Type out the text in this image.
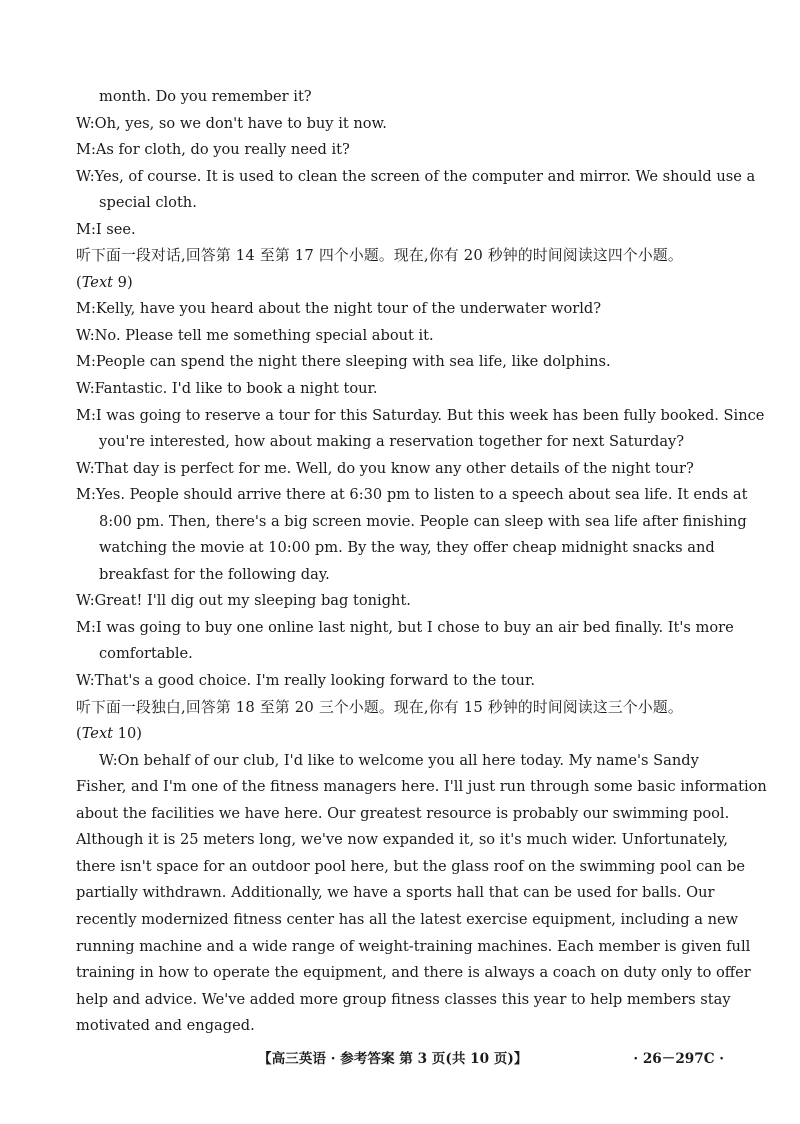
month. Do you remember it?
W:Oh, yes, so we don't have to buy it now.
M:As for cloth, do you really need it?
W:Yes, of course. It is used to clean the screen of the computer and mirror. We should use a
special cloth.
M:I see.
听下面一段对话,回答第 14 至第 17 四个小题。现在,你有 20 秒钟的时间阅读这四个小题。
(Text 9)
M:Kelly, have you heard about the night tour of the underwater world?
W:No. Please tell me something special about it.
M:People can spend the night there sleeping with sea life, like dolphins.
W:Fantastic. I'd like to book a night tour.
M:I was going to reserve a tour for this Saturday. But this week has been fully booked. Since
you're interested, how about making a reservation together for next Saturday?
W:That day is perfect for me. Well, do you know any other details of the night tour?
M:Yes. People should arrive there at 6:30 pm to listen to a speech about sea life. It ends at
8:00 pm. Then, there's a big screen movie. People can sleep with sea life after finishing
watching the movie at 10:00 pm. By the way, they offer cheap midnight snacks and
breakfast for the following day.
W:Great! I'll dig out my sleeping bag tonight.
M:I was going to buy one online last night, but I chose to buy an air bed finally. It's more
comfortable.
W:That's a good choice. I'm really looking forward to the tour.
听下面一段独白,回答第 18 至第 20 三个小题。现在,你有 15 秒钟的时间阅读这三个小题。
(Text 10)
W:On behalf of our club, I'd like to welcome you all here today. My name's Sandy
Fisher, and I'm one of the fitness managers here. I'll just run through some basic information
about the facilities we have here. Our greatest resource is probably our swimming pool.
Although it is 25 meters long, we've now expanded it, so it's much wider. Unfortunately,
there isn't space for an outdoor pool here, but the glass roof on the swimming pool can be
partially withdrawn. Additionally, we have a sports hall that can be used for balls. Our
recently modernized fitness center has all the latest exercise equipment, including a new
running machine and a wide range of weight-training machines. Each member is given full
training in how to operate the equipment, and there is always a coach on duty only to offer
help and advice. We've added more group fitness classes this year to help members stay
motivated and engaged.
【高三英语 · 参考答案 第 3 页(共 10 页)】	· 26－297C ·
